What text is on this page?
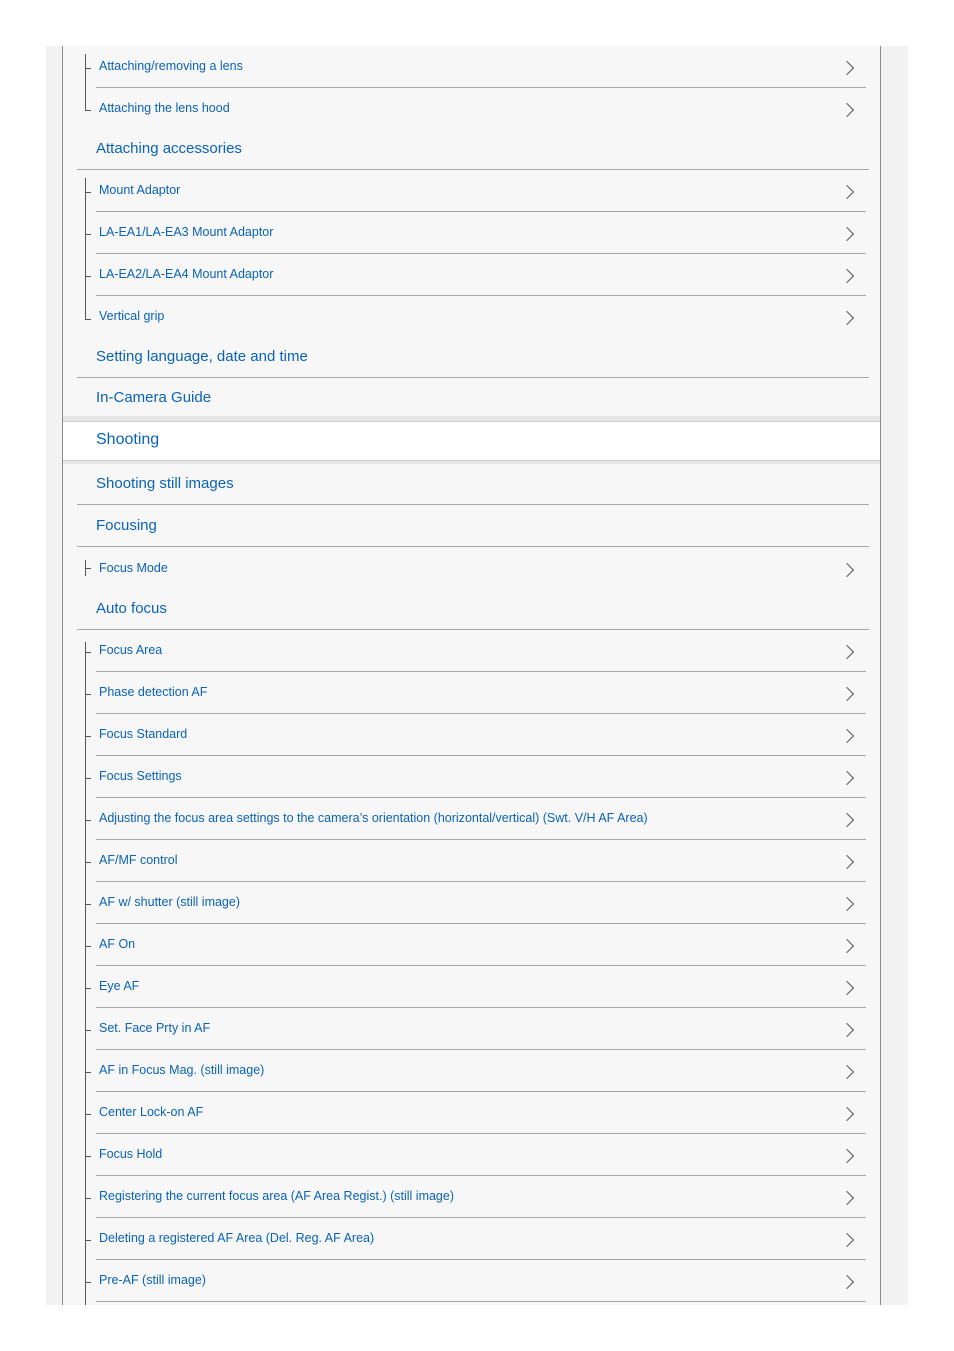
Attaching/removing a lens
Attaching the lens hood
Attaching accessories
Mount Adaptor
LA-EA1/LA-EA3 Mount Adaptor
LA-EA2/LA-EA4 Mount Adaptor
Vertical grip
Setting language, date and time
In-Camera Guide
Shooting
Shooting still images
Focusing
Focus Mode
Auto focus
Focus Area
Phase detection AF
Focus Standard
Focus Settings
Adjusting the focus area settings to the camera’s orientation (horizontal/vertical) (Swt. V/H AF Area)
AF/MF control
AF w/ shutter (still image)
AF On
Eye AF
Set. Face Prty in AF
AF in Focus Mag. (still image)
Center Lock-on AF
Focus Hold
Registering the current focus area (AF Area Regist.) (still image)
Deleting a registered AF Area (Del. Reg. AF Area)
Pre-AF (still image)
